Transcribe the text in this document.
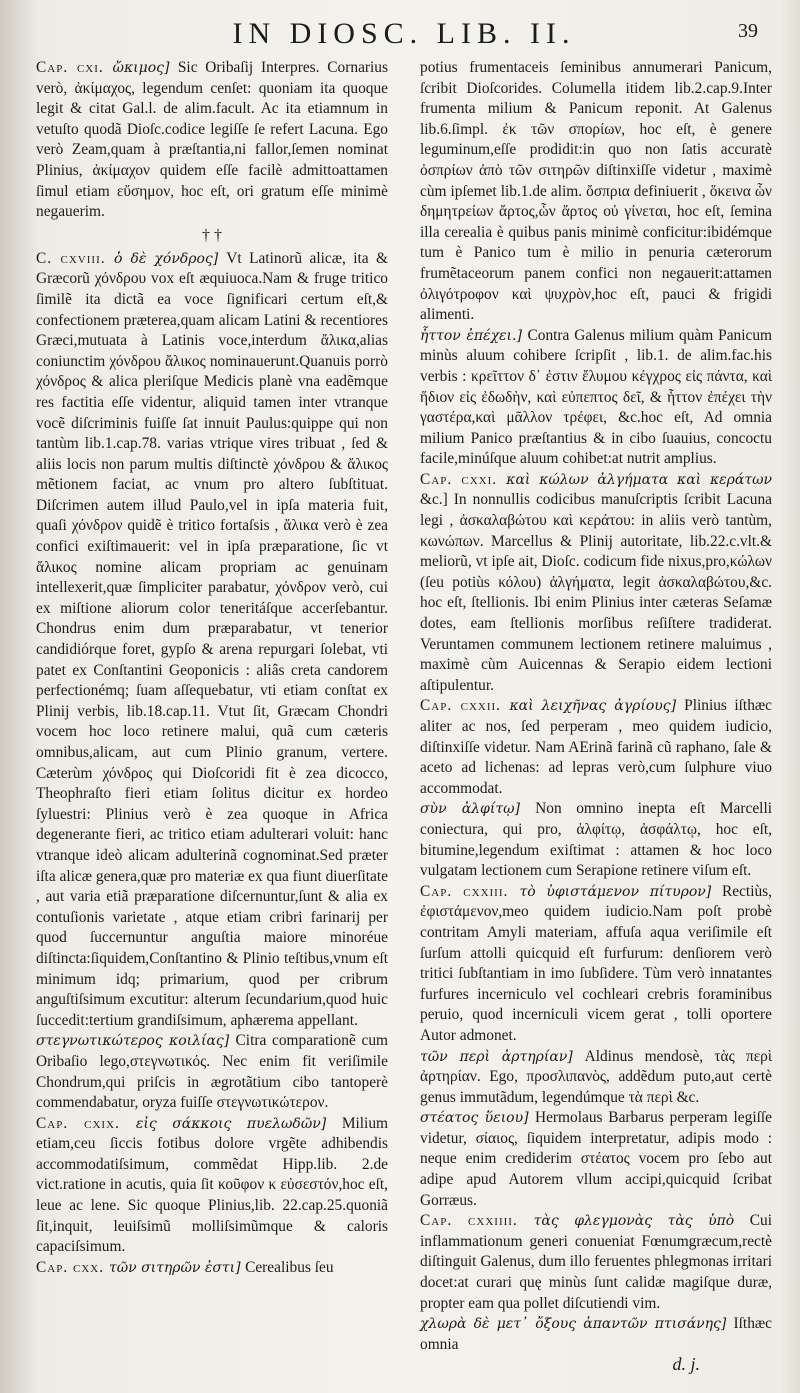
IN DIOSC. LIB. II.	39

Cap. cxi. ὤκιμος] Sic Oribaſij Interpres. Cornarius verò, ἀκίμαχος, legendum cenſet: quoniam ita quoque legit & citat Gal.l. de alim.facult. Ac ita etiamnum in vetuſto quodã Dioſc.codice legiſſe ſe refert Lacuna. Ego verò Zeam,quam à præſtantia,ni fallor,ſemen nominat Plinius, ἀκίμαχον quidem eſſe facilè admittoattamen ſimul etiam εὔσημον, hoc eſt, ori gratum eſſe minimè negauerim.

† †

C. cxviii. ὁ δὲ χόνδρος] Vt Latinorũ alicæ, ita & Græcorũ χόνδρου vox eſt æquiuoca.Nam & fruge tritico ſimilẽ ita dictã ea voce ſignificari certum eſt,& confectionem præterea,quam alicam Latini & recentiores Græci,mutuata à Latinis voce,interdum ἄλικα,alias coniunctim χόνδρου ἄλικος nominauerunt.Quanuis porrò χόνδρος & alica pleriſque Medicis planè vna eadẽmque res factitia eſſe videntur, aliquid tamen inter vtranque vocẽ diſcriminis fuiſſe ſat innuit Paulus:quippe qui non tantùm lib.1.cap.78. varias vtrique vires tribuat , ſed & aliis locis non parum multis diſtinctè χόνδρου & ἄλικος mẽtionem faciat, ac vnum pro altero ſubſtituat. Diſcrimen autem illud Paulo,vel in ipſa materia fuit, quaſi χόνδρον quidẽ è tritico fortaſsis , ἄλικα verò è zea confici exiſtimauerit: vel in ipſa præparatione, ſic vt ἄλικος nomine alicam propriam ac genuinam intellexerit,quæ ſimpliciter parabatur, χόνδρον verò, cui ex miſtione aliorum color teneritáſque accerſebantur. Chondrus enim dum præparabatur, vt tenerior candidiórque foret, gypſo & arena repurgari ſolebat, vti patet ex Conſtantini Geoponicis : aliâs creta candorem perfectionémq; ſuam aſſequebatur, vti etiam conſtat ex Plinij verbis, lib.18.cap.11. Vtut ſit, Græcam Chondri vocem hoc loco retinere malui, quã cum cæteris omnibus,alicam, aut cum Plinio granum, vertere. Cæterùm χόνδρος qui Dioſcoridi fit è zea dicocco, Theophraſto fieri etiam ſolitus dicitur ex hordeo ſyluestri: Plinius verò è zea quoque in Africa degenerante fieri, ac tritico etiam adulterari voluit: hanc vtranque ideò alicam adulterinã cognominat.Sed præter iſta alicæ genera,quæ pro materiæ ex qua fiunt diuerſitate , aut varia etiã præparatione diſcernuntur,ſunt & alia ex contuſionis varietate , atque etiam cribri farinarij per quod ſuccernuntur anguſtia maiore minoréue diſtincta:ſiquidem,Conſtantino & Plinio teſtibus,vnum eſt minimum idq; primarium, quod per cribrum anguſtiſsimum excutitur: alterum ſecundarium,quod huic ſuccedit:tertium grandiſsimum, aphærema appellant.

στεγνωτικώτερος κοιλίας] Citra comparationẽ cum Oribaſio lego,στεγνωτικός. Nec enim fit veriſimile Chondrum,qui priſcis in ægrotãtium cibo tantoperè commendabatur, oryza fuiſſe στεγνωτικώτερον.

Cap. cxix. εἰς σάκκοις πυελωδῶν] Milium etiam,ceu ſiccis fotibus dolore vrgẽte adhibendis accommodatiſsimum, commẽdat Hipp.lib. 2.de vict.ratione in acutis, quia ſit κοῦφον κ εὐσεστόν,hoc eſt, leue ac lene. Sic quoque Plinius,lib. 22.cap.25.quoniã ſit,inquit, leuiſsimũ molliſsimũmque & caloris capaciſsimum.

Cap. cxx. τῶν σιτηρῶν ἐστι] Cerealibus ſeu

potius frumentaceis ſeminibus annumerari Panicum, ſcribit Dioſcorides. Columella itidem lib.2.cap.9.Inter frumenta milium & Panicum reponit. At Galenus lib.6.ſimpl. ἐκ τῶν σπορίων, hoc eſt, è genere leguminum,eſſe prodidit:in quo non ſatis accuratè ὀσπρίων ἀπὸ τῶν σιτηρῶν diſtinxiſſe videtur , maximè cùm ipſemet lib.1.de alim. ὄσπρια definiuerit , ὅκεινα ὧν δημητρείων ἄρτος,ὧν ἄρτος οὐ γίνεται, hoc eſt, ſemina illa cerealia è quibus panis minimè conficitur:ibidémque tum è Panico tum è milio in penuria cæterorum frumẽtaceorum panem confici non negauerit:attamen ὀλιγότροφον καὶ ψυχρὸν,hoc eſt, pauci & frigidi alimenti.

ἧττον ἐπέχει.] Contra Galenus milium quàm Panicum minùs aluum cohibere ſcripſit , lib.1. de alim.fac.his verbis : κρεῖττον δ᾽ ἐστιν ἔλυμου κέγχρος εἰς πάντα, καὶ ἥδιον εἰς ἐδωδὴν, καὶ εὐπεπτος δεῖ, & ἧττον ἐπέχει τὴν γαστέρα,καὶ μᾶλλον τρέφει, &c.hoc eſt, Ad omnia milium Panico præſtantius & in cibo ſuauius, concoctu facile,minúſque aluum cohibet:at nutrit amplius.

Cap. cxxi. καὶ κώλων ἀλγήματα καὶ κεράτων &c.] In nonnullis codicibus manuſcriptis ſcribit Lacuna legi , ἀσκαλαβώτου καὶ κεράτου: in aliis verò tantùm, κωνώπων. Marcellus & Plinij autoritate, lib.22.c.vlt.& meliorũ, vt ipſe ait, Dioſc. codicum fide nixus,pro,κώλων (ſeu potiùs κόλου) ἀλγήματα, legit ἀσκαλαβώτου,&c. hoc eſt, ſtellionis. Ibi enim Plinius inter cæteras Seſamæ dotes, eam ſtellionis morſibus reſiſtere tradiderat. Veruntamen communem lectionem retinere maluimus , maximè cùm Auicennas & Serapio eidem lectioni aſtipulentur.

Cap. cxxii. καὶ λειχῆνας ἀγρίους] Plinius iſthæc aliter ac nos, ſed perperam , meo quidem iudicio, diſtinxiſſe videtur. Nam AErinã farinã cũ raphano, ſale & aceto ad lichenas: ad lepras verò,cum ſulphure viuo accommodat.

σὺν ἀλφίτῳ] Non omnino inepta eſt Marcelli coniectura, qui pro, ἀλφίτῳ, ἀσφάλτῳ, hoc eſt, bitumine,legendum exiſtimat : attamen & hoc loco vulgatam lectionem cum Serapione retinere viſum eſt.

Cap. cxxiii. τὸ ὑφιστάμενον πίτυρον] Rectiùs, ἐφιστάμενον,meo quidem iudicio.Nam poſt probè contritam Amyli materiam, affuſa aqua veriſimile eſt ſurſum attolli quicquid eſt furfurum: denſiorem verò tritici ſubſtantiam in imo ſubſidere. Tùm verò innatantes furfures incerniculo vel cochleari crebris foraminibus peruio, quod incerniculi vicem gerat , tolli oportere Autor admonet.

τῶν περὶ ἀρτηρίαν] Aldinus mendosè, τὰς περὶ ἀρτηρίαν. Ego, προσλιπανὸς, addẽdum puto,aut certè genus immutãdum, legendúmque τὰ περὶ &c.

στέατος ὕειου] Hermolaus Barbarus perperam legiſſe videtur, σίαιος, ſiquidem interpretatur, adipis modo : neque enim crediderim στέατος vocem pro ſebo aut adipe apud Autorem vllum accipi,quicquid ſcribat Gorræus.

Cap. cxxiiii. τὰς φλεγμονὰς τὰς ὑπὸ Cui inflammationum generi conueniat Fœnumgræcum,rectè diſtinguit Galenus, dum illo feruentes phlegmonas irritari docet:at curari quę minùs ſunt calidæ magiſque duræ, propter eam qua pollet diſcutiendi vim.

χλωρὰ δὲ μετ᾽ ὄξους ἀπαντῶν πτισάνης] Iſthæc omnia

d. j.
